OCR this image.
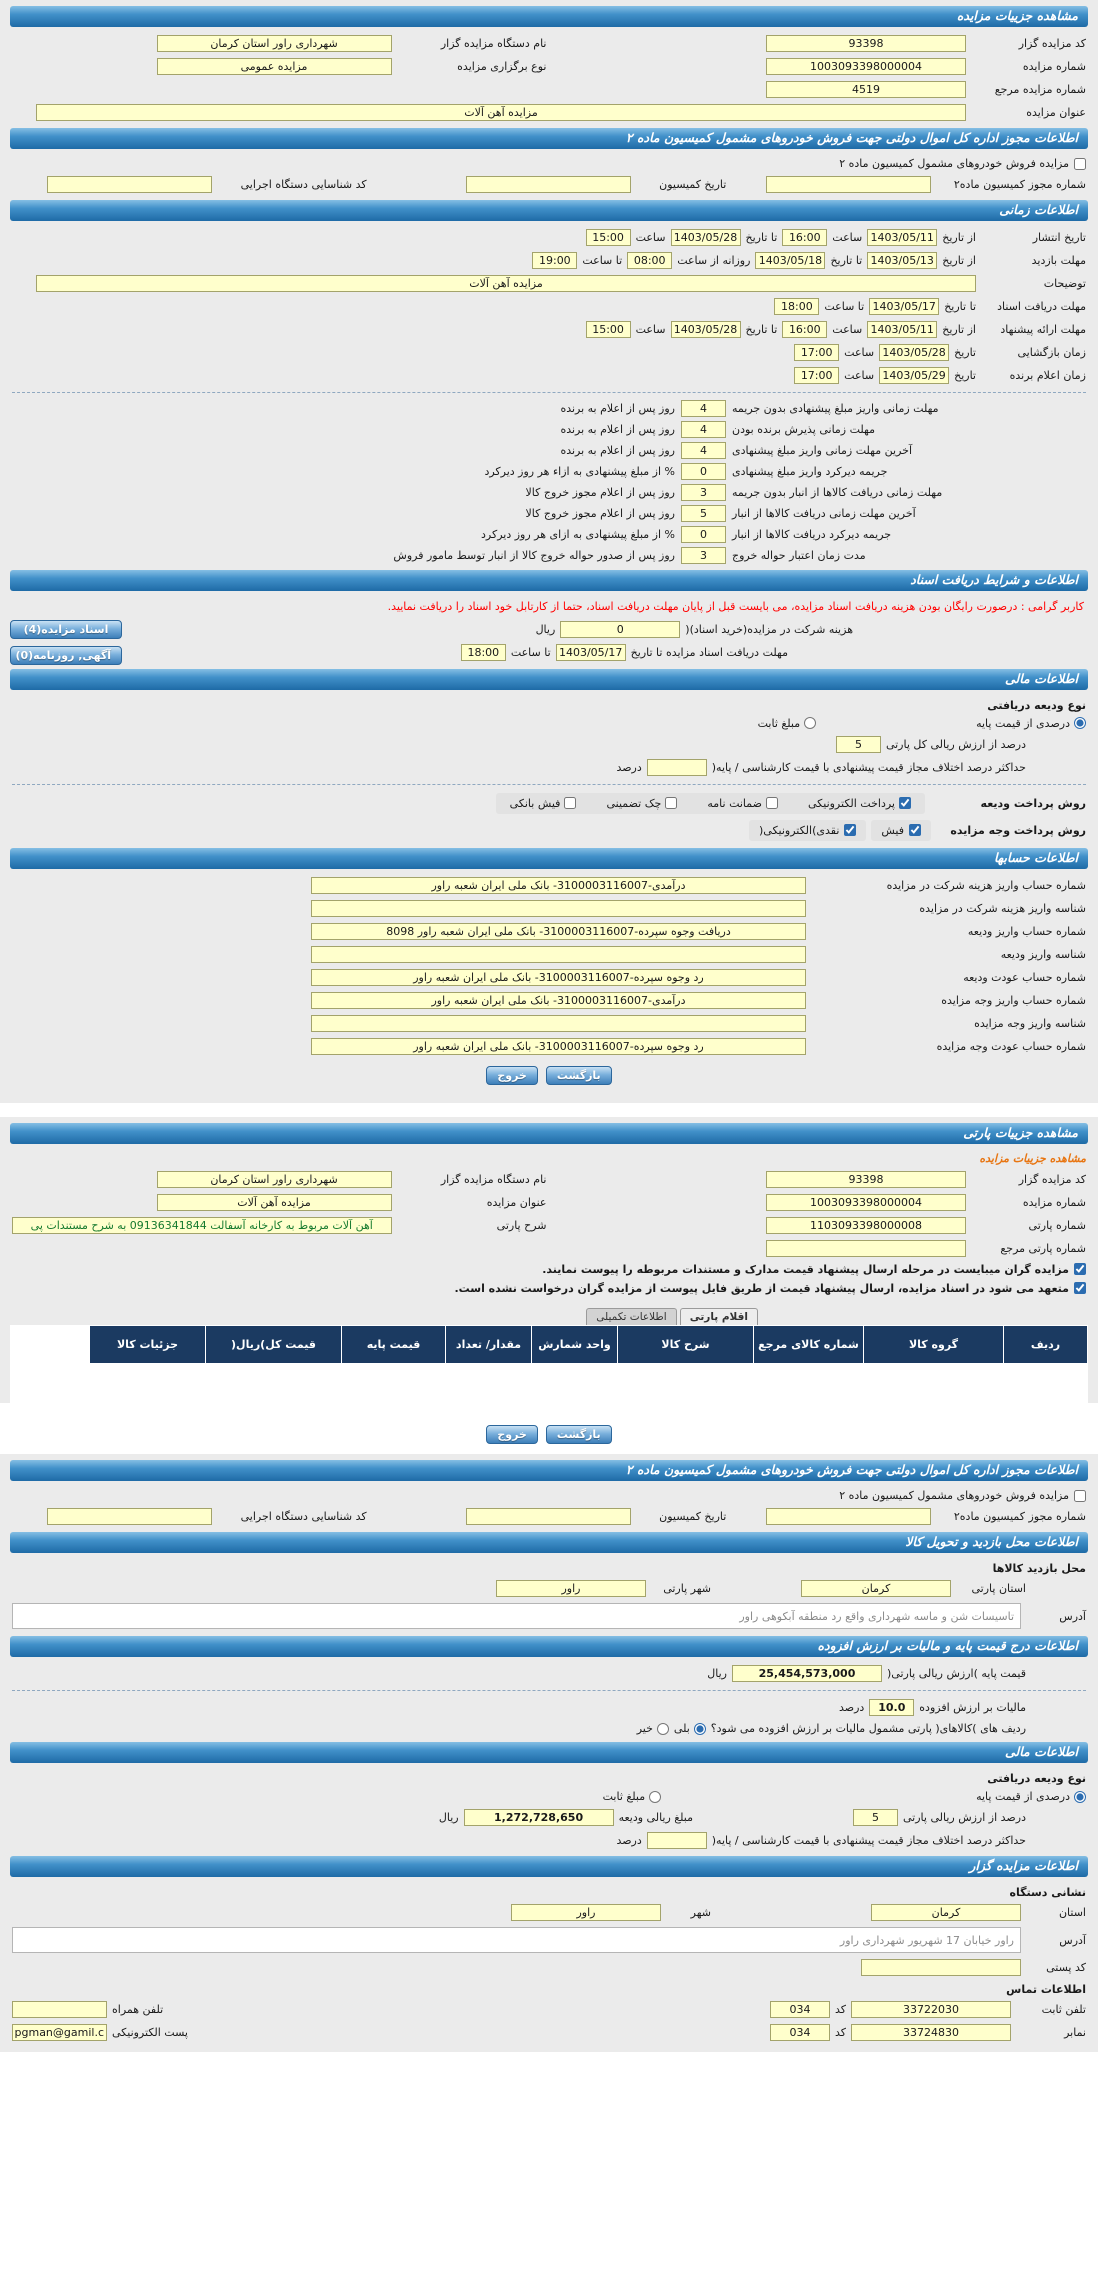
مشاهده جزییات مزایده
کد مزایده گزار
93398
نام دستگاه مزایده گزار
شهرداری راور استان کرمان
شماره مزایده
1003093398000004
نوع برگزاری مزایده
مزایده عمومی
شماره مزایده مرجع
4519
عنوان مزایده
مزایده آهن آلات
اطلاعات مجوز اداره کل اموال دولتی جهت فروش خودروهای مشمول کمیسیون ماده ۲
مزایده فروش خودروهای مشمول کمیسیون ماده ۲
شماره مجوز کمیسیون ماده۲
تاریخ کمیسیون
کد شناسایی دستگاه اجرایی
اطلاعات زمانی
تاریخ انتشار
از تاریخ
1403/05/11
ساعت
16:00
تا تاریخ
1403/05/28
ساعت
15:00
مهلت بازدید
از تاریخ
1403/05/13
تا تاریخ
1403/05/18
روزانه از ساعت
08:00
تا ساعت
19:00
توضیحات
مزایده آهن آلات
مهلت دریافت اسناد
تا تاریخ
1403/05/17
تا ساعت
18:00
مهلت ارائه پیشنهاد
از تاریخ
1403/05/11
ساعت
16:00
تا تاریخ
1403/05/28
ساعت
15:00
زمان بازگشایی
تاریخ
1403/05/28
ساعت
17:00
زمان اعلام برنده
تاریخ
1403/05/29
ساعت
17:00
مهلت زمانی واریز مبلغ پیشنهادی بدون جریمه
4
روز پس از اعلام به برنده
مهلت زمانی پذیرش برنده بودن
4
روز پس از اعلام به برنده
آخرین مهلت زمانی واریز مبلغ پیشنهادی
4
روز پس از اعلام به برنده
جریمه دیرکرد واریز مبلغ پیشنهادی
0
% از مبلغ پیشنهادی به ازاء هر روز دیرکرد
مهلت زمانی دریافت کالاها از انبار بدون جریمه
3
روز پس از اعلام مجوز خروج کالا
آخرین مهلت زمانی دریافت کالاها از انبار
5
روز پس از اعلام مجوز خروج کالا
جریمه دیرکرد دریافت کالاها از انبار
0
% از مبلغ پیشنهادی به ازای هر روز دیرکرد
مدت زمان اعتبار حواله خروج
3
روز پس از صدور حواله خروج کالا از انبار توسط مامور فروش
اطلاعات و شرایط دریافت اسناد
کاربر گرامی : درصورت رایگان بودن هزینه دریافت اسناد مزایده، می بایست قبل از پایان مهلت دریافت اسناد، حتما از کارتابل خود اسناد را دریافت نمایید.
هزینه شرکت در مزایده(خرید اسناد)(
0
ریال
مهلت دریافت اسناد مزایده تا تاریخ
1403/05/17
تا ساعت
18:00
اسناد مزایده(4)
آگهی, روزنامه(0)
اطلاعات مالی
نوع ودیعه دریافتی
درصدی از قیمت پایه
مبلغ ثابت
درصد از ارزش ریالی کل پارتی
5
حداکثر درصد اختلاف مجاز قیمت پیشنهادی با قیمت کارشناسی / پایه(
درصد
روش پرداخت ودیعه
پرداخت الکترونیکی
ضمانت نامه
چک تضمینی
فیش بانکی
روش پرداخت وجه مزایده
فیش
نقدی)الکترونیکی(
اطلاعات حسابها
شماره حساب واریز هزینه شرکت در مزایده
درآمدی-3100003116007- بانک ملی ایران شعبه راور
شناسه واریز هزینه شرکت در مزایده
شماره حساب واریز ودیعه
دریافت وجوه سپرده-3100003116007- بانک ملی ایران شعبه راور 8098
شناسه واریز ودیعه
شماره حساب عودت ودیعه
رد وجوه سپرده-3100003116007- بانک ملی ایران شعبه راور
شماره حساب واریز وجه مزایده
درآمدی-3100003116007- بانک ملی ایران شعبه راور
شناسه واریز وجه مزایده
شماره حساب عودت وجه مزایده
رد وجوه سپرده-3100003116007- بانک ملی ایران شعبه راور
بازگشت
خروج
مشاهده جزییات پارتی
مشاهده جزییات مزایده
کد مزایده گزار
93398
نام دستگاه مزایده گزار
شهرداری راور استان کرمان
شماره مزایده
1003093398000004
عنوان مزایده
مزایده آهن آلات
شماره پارتی
1103093398000008
شرح پارتی
آهن آلات مربوط به کارخانه آسفالت 09136341844 به شرح مستندات پی
شماره پارتی مرجع
مزایده گران میبایست در مرحله ارسال پیشنهاد قیمت مدارک و مستندات مربوطه را پیوست نمایند.
متعهد می شود در اسناد مزایده، ارسال پیشنهاد قیمت از طریق فایل پیوست از مزایده گران درخواست نشده است.
اقلام پارتی
اطلاعات تکمیلی
ردیف	گروه کالا	شماره کالای مرجع	شرح کالا	واحد شمارش	مقدار/ تعداد	قیمت پایه	قیمت کل)ریال(	جزئیات کالا	

بارگذاری...
بازگشت
خروج
اطلاعات مجوز اداره کل اموال دولتی جهت فروش خودروهای مشمول کمیسیون ماده ۲
مزایده فروش خودروهای مشمول کمیسیون ماده ۲
شماره مجوز کمیسیون ماده۲
تاریخ کمیسیون
کد شناسایی دستگاه اجرایی
اطلاعات محل بازدید و تحویل کالا
محل بازدید کالاها
استان پارتی
کرمان
شهر پارتی
راور
آدرس
تاسیسات شن و ماسه شهرداری واقع رد منطقه آبکوهی راور
اطلاعات درج قیمت پایه و مالیات بر ارزش افزوده
قیمت پایه )ارزش ریالی پارتی(
25,454,573,000
ریال
مالیات بر ارزش افزوده
10.0
درصد
ردیف های )کالاهای( پارتی مشمول مالیات بر ارزش افزوده می شود؟
بلی
خیر
اطلاعات مالی
نوع ودیعه دریافتی
درصدی از قیمت پایه
مبلغ ثابت
درصد از ارزش ریالی پارتی
5
مبلغ ریالی ودیعه
1,272,728,650
ریال
حداکثر درصد اختلاف مجاز قیمت پیشنهادی با قیمت کارشناسی / پایه(
درصد
اطلاعات مزایده گزار
نشانی دستگاه
استان
کرمان
شهر
راور
آدرس
راور خیابان 17 شهریور شهرداری راور
کد پستی
اطلاعات تماس
تلفن ثابت
33722030
کد
034
تلفن همراه
نمابر
33724830
کد
034
پست الکترونیکی
ra.pgman@gamil.c
